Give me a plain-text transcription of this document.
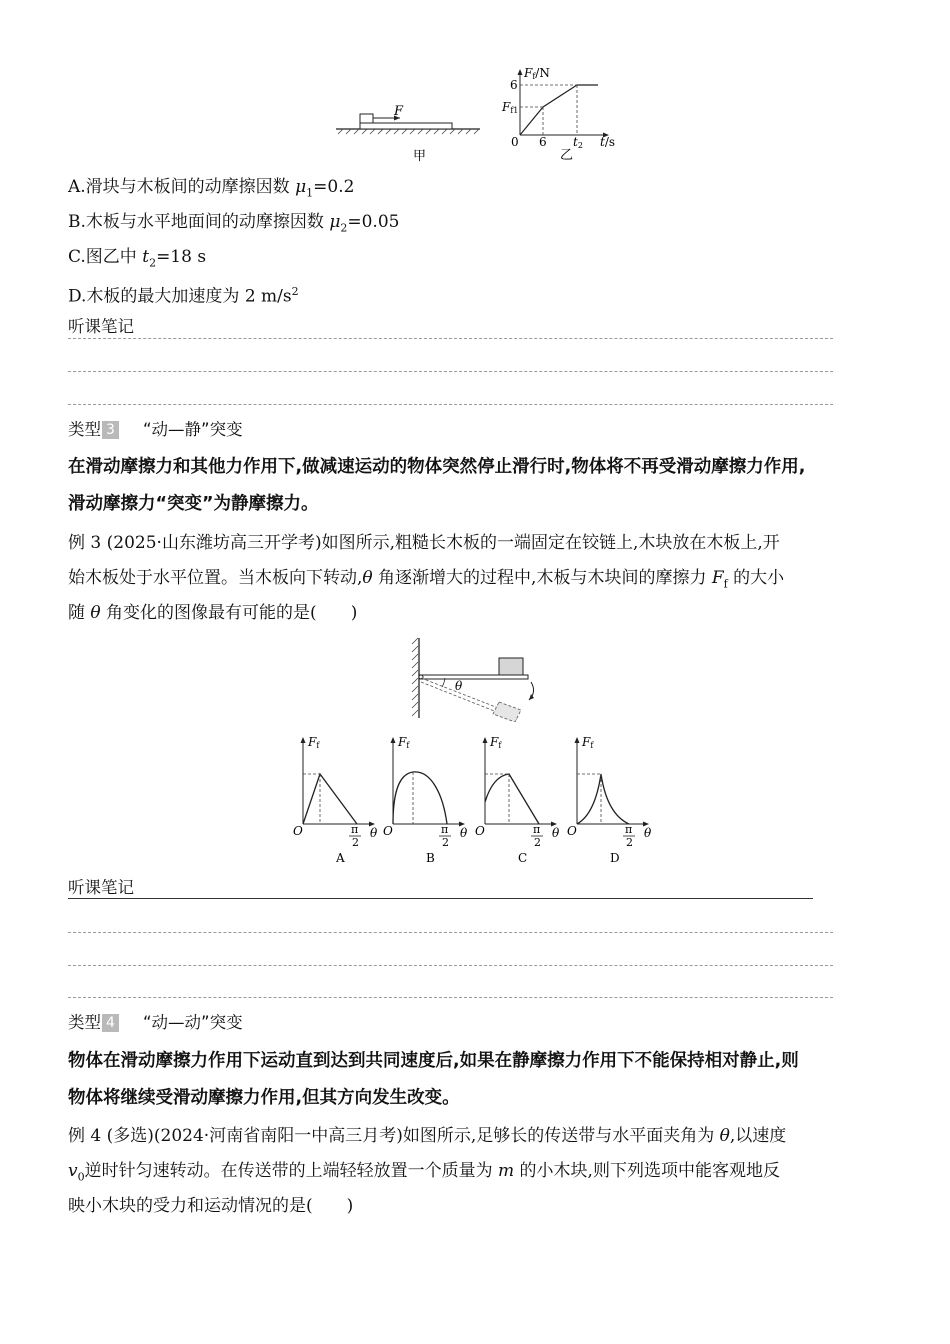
F
甲
Ff/N
6
Ff1
0 6 t2 t/s
乙
A.滑块与木板间的动摩擦因数 $\mu_1=0.2$
B.木板与水平地面间的动摩擦因数 $\mu_2=0.05$
C.图乙中 $t_2=18$ s
D.木板的最大加速度为 2 $m/s^2$
听课笔记
类型 3 “动—静”突变
在滑动摩擦力和其他力作用下,做减速运动的物体突然停止滑行时,物体将不再受滑动摩擦力作用,
滑动摩擦力“突变”为静摩擦力。
例 3 (2025·山东潍坊高三开学考)如图所示,粗糙长木板的一端固定在铰链上,木块放在木板上,开
始木板处于水平位置。当木板向下转动,θ 角逐渐增大的过程中,木板与木块间的摩擦力 $F_f$ 的大小
随 θ 角变化的图像最有可能的是(　　)
θ
Ff
O	π
2
θ
A
Ff
O	π
2
θ
B
Ff
O	π
2
θ
C
Ff
O	π
2
θ
D
听课笔记
类型 4 “动—动”突变
物体在滑动摩擦力作用下运动直到达到共同速度后,如果在静摩擦力作用下不能保持相对静止,则
物体将继续受滑动摩擦力作用,但其方向发生改变。
例 4 (多选)(2024·河南省南阳一中高三月考)如图所示,足够长的传送带与水平面夹角为 θ,以速度
$v_0$逆时针匀速转动。在传送带的上端轻轻放置一个质量为 m 的小木块,则下列选项中能客观地反
映小木块的受力和运动情况的是(　　)
